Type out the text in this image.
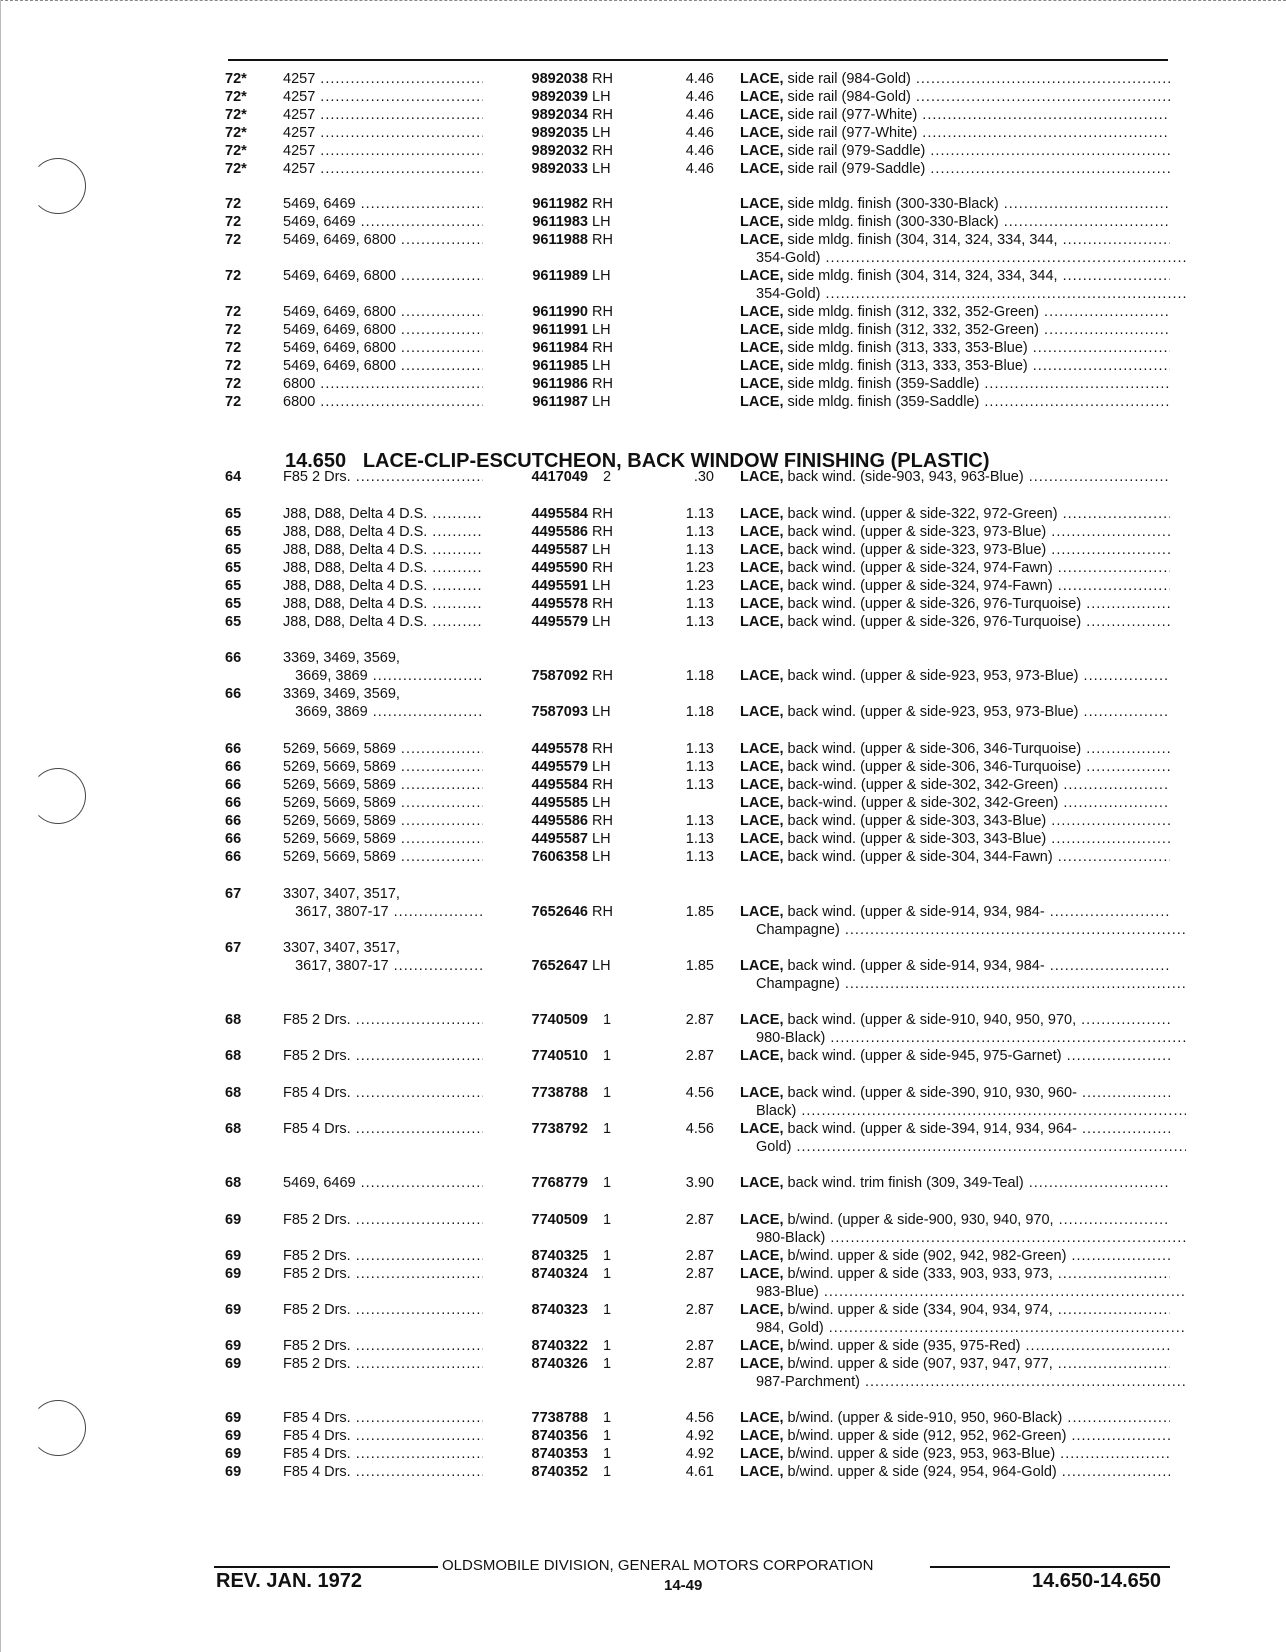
72*	4257 .....	9892038 RH	4.46 LACE, side rail (984-Gold) .....
72*	4257 .....	9892039 LH	4.46 LACE, side rail (984-Gold) .....
72*	4257 .....	9892034 RH	4.46 LACE, side rail (977-White) .....
72*	4257 .....	9892035 LH	4.46 LACE, side rail (977-White) .....
72*	4257 .....	9892032 RH	4.46 LACE, side rail (979-Saddle) .....
72*	4257 .....	9892033 LH	4.46 LACE, side rail (979-Saddle) .....
72	5469, 6469 .....	9611982 RH	LACE, side mldg. finish (300-330-Black) .....
72	5469, 6469 .....	9611983 LH	LACE, side mldg. finish (300-330-Black) .....
72	5469, 6469, 6800 .....	9611988 RH	LACE, side mldg. finish (304, 314, 324, 334, 344, .....
354-Gold) .....
72	5469, 6469, 6800 .....	9611989 LH	LACE, side mldg. finish (304, 314, 324, 334, 344, .....
354-Gold) .....
72	5469, 6469, 6800 .....	9611990 RH	LACE, side mldg. finish (312, 332, 352-Green) .....
72	5469, 6469, 6800 .....	9611991 LH	LACE, side mldg. finish (312, 332, 352-Green) .....
72	5469, 6469, 6800 .....	9611984 RH	LACE, side mldg. finish (313, 333, 353-Blue) .....
72	5469, 6469, 6800 .....	9611985 LH	LACE, side mldg. finish (313, 333, 353-Blue) .....
72	6800 .....	9611986 RH	LACE, side mldg. finish (359-Saddle) .....
72	6800 .....	9611987 LH	LACE, side mldg. finish (359-Saddle) .....
64	F85 2 Drs. .....	4417049 2	.30 LACE, back wind. (side-903, 943, 963-Blue) .....
65	J88, D88, Delta 4 D.S. .....	4495584 RH	1.13 LACE, back wind. (upper & side-322, 972-Green) .....
65	J88, D88, Delta 4 D.S. .....	4495586 RH	1.13 LACE, back wind. (upper & side-323, 973-Blue) .....
65	J88, D88, Delta 4 D.S. .....	4495587 LH	1.13 LACE, back wind. (upper & side-323, 973-Blue) .....
65	J88, D88, Delta 4 D.S. .....	4495590 RH	1.23 LACE, back wind. (upper & side-324, 974-Fawn) .....
65	J88, D88, Delta 4 D.S. .....	4495591 LH	1.23 LACE, back wind. (upper & side-324, 974-Fawn) .....
65	J88, D88, Delta 4 D.S. .....	4495578 RH	1.13 LACE, back wind. (upper & side-326, 976-Turquoise) .....
65	J88, D88, Delta 4 D.S. .....	4495579 LH	1.13 LACE, back wind. (upper & side-326, 976-Turquoise) .....
66	3369, 3469, 3569,
3669, 3869 .....	7587092 RH	1.18 LACE, back wind. (upper & side-923, 953, 973-Blue) .....
66	3369, 3469, 3569,
3669, 3869 .....	7587093 LH	1.18 LACE, back wind. (upper & side-923, 953, 973-Blue) .....
66	5269, 5669, 5869 .....	4495578 RH	1.13 LACE, back wind. (upper & side-306, 346-Turquoise) .....
66	5269, 5669, 5869 .....	4495579 LH	1.13 LACE, back wind. (upper & side-306, 346-Turquoise) .....
66	5269, 5669, 5869 .....	4495584 RH	1.13 LACE, back-wind. (upper & side-302, 342-Green) .....
66	5269, 5669, 5869 .....	4495585 LH	LACE, back-wind. (upper & side-302, 342-Green) .....
66	5269, 5669, 5869 .....	4495586 RH	1.13 LACE, back wind. (upper & side-303, 343-Blue) .....
66	5269, 5669, 5869 .....	4495587 LH	1.13 LACE, back wind. (upper & side-303, 343-Blue) .....
66	5269, 5669, 5869 .....	7606358 LH	1.13 LACE, back wind. (upper & side-304, 344-Fawn) .....
67	3307, 3407, 3517,
3617, 3807-17 .....	7652646 RH	1.85 LACE, back wind. (upper & side-914, 934, 984- .....
Champagne) .....
67	3307, 3407, 3517,
3617, 3807-17 .....	7652647 LH	1.85 LACE, back wind. (upper & side-914, 934, 984- .....
Champagne) .....
68	F85 2 Drs. .....	7740509 1	2.87 LACE, back wind. (upper & side-910, 940, 950, 970, .....
980-Black) .....
68	F85 2 Drs. .....	7740510 1	2.87 LACE, back wind. (upper & side-945, 975-Garnet) .....
68	F85 4 Drs. .....	7738788 1	4.56 LACE, back wind. (upper & side-390, 910, 930, 960- .....
Black) .....
68	F85 4 Drs. .....	7738792 1	4.56 LACE, back wind. (upper & side-394, 914, 934, 964- .....
Gold) .....
68	5469, 6469 .....	7768779 1	3.90 LACE, back wind. trim finish (309, 349-Teal) .....
69	F85 2 Drs. .....	7740509 1	2.87 LACE, b/wind. (upper & side-900, 930, 940, 970, .....
980-Black) .....
69	F85 2 Drs. .....	8740325 1	2.87 LACE, b/wind. upper & side (902, 942, 982-Green) .....
69	F85 2 Drs. .....	8740324 1	2.87 LACE, b/wind. upper & side (333, 903, 933, 973, .....
983-Blue) .....
69	F85 2 Drs. .....	8740323 1	2.87 LACE, b/wind. upper & side (334, 904, 934, 974, .....
984, Gold) .....
69	F85 2 Drs. .....	8740322 1	2.87 LACE, b/wind. upper & side (935, 975-Red) .....
69	F85 2 Drs. .....	8740326 1	2.87 LACE, b/wind. upper & side (907, 937, 947, 977, .....
987-Parchment) .....
69	F85 4 Drs. .....	7738788 1	4.56 LACE, b/wind. (upper & side-910, 950, 960-Black) .....
69	F85 4 Drs. .....	8740356 1	4.92 LACE, b/wind. upper & side (912, 952, 962-Green) .....
69	F85 4 Drs. .....	8740353 1	4.92 LACE, b/wind. upper & side (923, 953, 963-Blue) .....
69	F85 4 Drs. .....	8740352 1	4.61 LACE, b/wind. upper & side (924, 954, 964-Gold) .....
14.650 LACE-CLIP-ESCUTCHEON, BACK WINDOW FINISHING (PLASTIC)
OLDSMOBILE DIVISION, GENERAL MOTORS CORPORATION
REV. JAN. 1972	14-49	14.650-14.650
